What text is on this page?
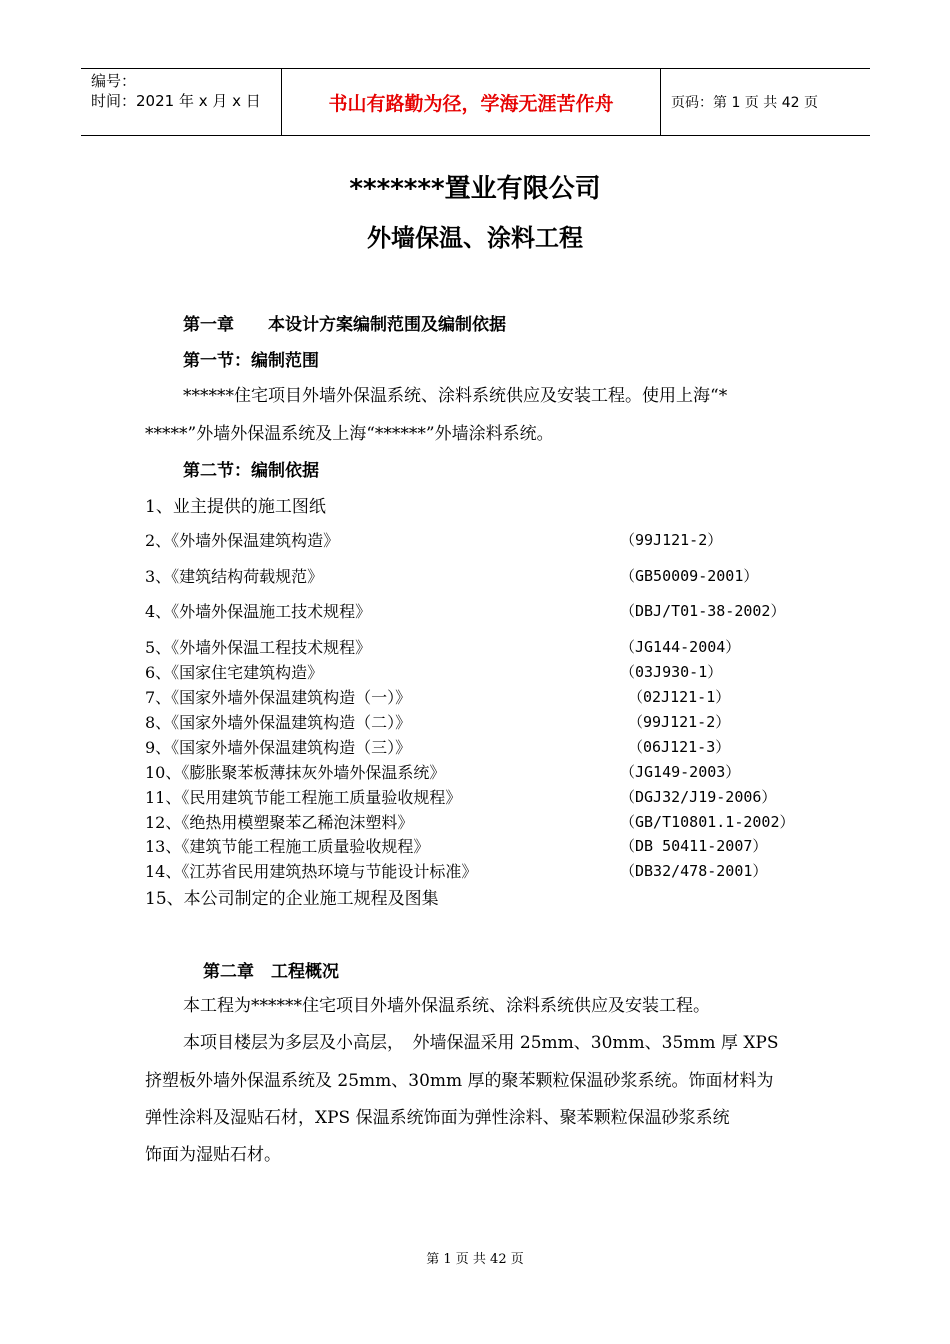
编号：
时间：2021 年 x 月 x 日	书山有路勤为径，学海无涯苦作舟	页码：第 1 页 共 42 页
*******置业有限公司
外墙保温、涂料工程
第一章　　本设计方案编制范围及编制依据
第一节：编制范围
******住宅项目外墙外保温系统、涂料系统供应及安装工程。使用上海“*
*****”外墙外保温系统及上海“******”外墙涂料系统。
第二节：编制依据
1、业主提供的施工图纸
2、《外墙外保温建筑构造》	（99J121-2）
3、《建筑结构荷载规范》	（GB50009-2001）
4、《外墙外保温施工技术规程》	（DBJ/T01-38-2002）
5、《外墙外保温工程技术规程》	（JG144-2004）
6、《国家住宅建筑构造》	（03J930-1）
7、《国家外墙外保温建筑构造（一）》	（02J121-1）
8、《国家外墙外保温建筑构造（二）》	（99J121-2）
9、《国家外墙外保温建筑构造（三）》	（06J121-3）
10、《膨胀聚苯板薄抹灰外墙外保温系统》	（JG149-2003）
11、《民用建筑节能工程施工质量验收规程》	（DGJ32/J19-2006）
12、《绝热用模塑聚苯乙稀泡沫塑料》	（GB/T10801.1-2002）
13、《建筑节能工程施工质量验收规程》	（DB 50411-2007）
14、《江苏省民用建筑热环境与节能设计标准》	（DB32/478-2001）
15、本公司制定的企业施工规程及图集
第二章　工程概况
本工程为******住宅项目外墙外保温系统、涂料系统供应及安装工程。
本项目楼层为多层及小高层，　外墙保温采用 25mm、30mm、35mm 厚 XPS
挤塑板外墙外保温系统及 25mm、30mm 厚的聚苯颗粒保温砂浆系统。饰面材料为
弹性涂料及湿贴石材，XPS 保温系统饰面为弹性涂料、聚苯颗粒保温砂浆系统
饰面为湿贴石材。
第 1 页 共 42 页
